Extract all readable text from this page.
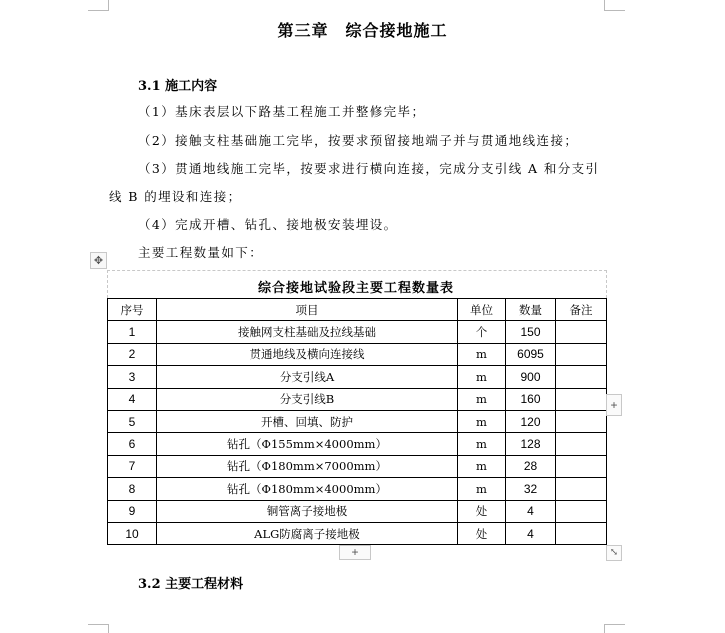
第三章　综合接地施工
3.1 施工内容
（1）基床表层以下路基工程施工并整修完毕；
（2）接触支柱基础施工完毕，按要求预留接地端子并与贯通地线连接；
（3）贯通地线施工完毕，按要求进行横向连接，完成分支引线 A 和分支引
线 B 的埋设和连接；
（4）完成开槽、钻孔、接地极安装埋设。
主要工程数量如下：
✥
综合接地试验段主要工程数量表
序号	项目	单位	数量	备注
1	接触网支柱基础及拉线基础	个	150	
2	贯通地线及横向连接线	m	6095	
3	分支引线A	m	900	
4	分支引线B	m	160	
5	开槽、回填、防护	m	120	
6	钻孔（Φ155mm×4000mm）	m	128	
7	钻孔（Φ180mm×7000mm）	m	28	
8	钻孔（Φ180mm×4000mm）	m	32	
9	铜管离子接地极	处	4	
10	ALG防腐离子接地极	处	4	
+
+	⤡
3.2 主要工程材料
